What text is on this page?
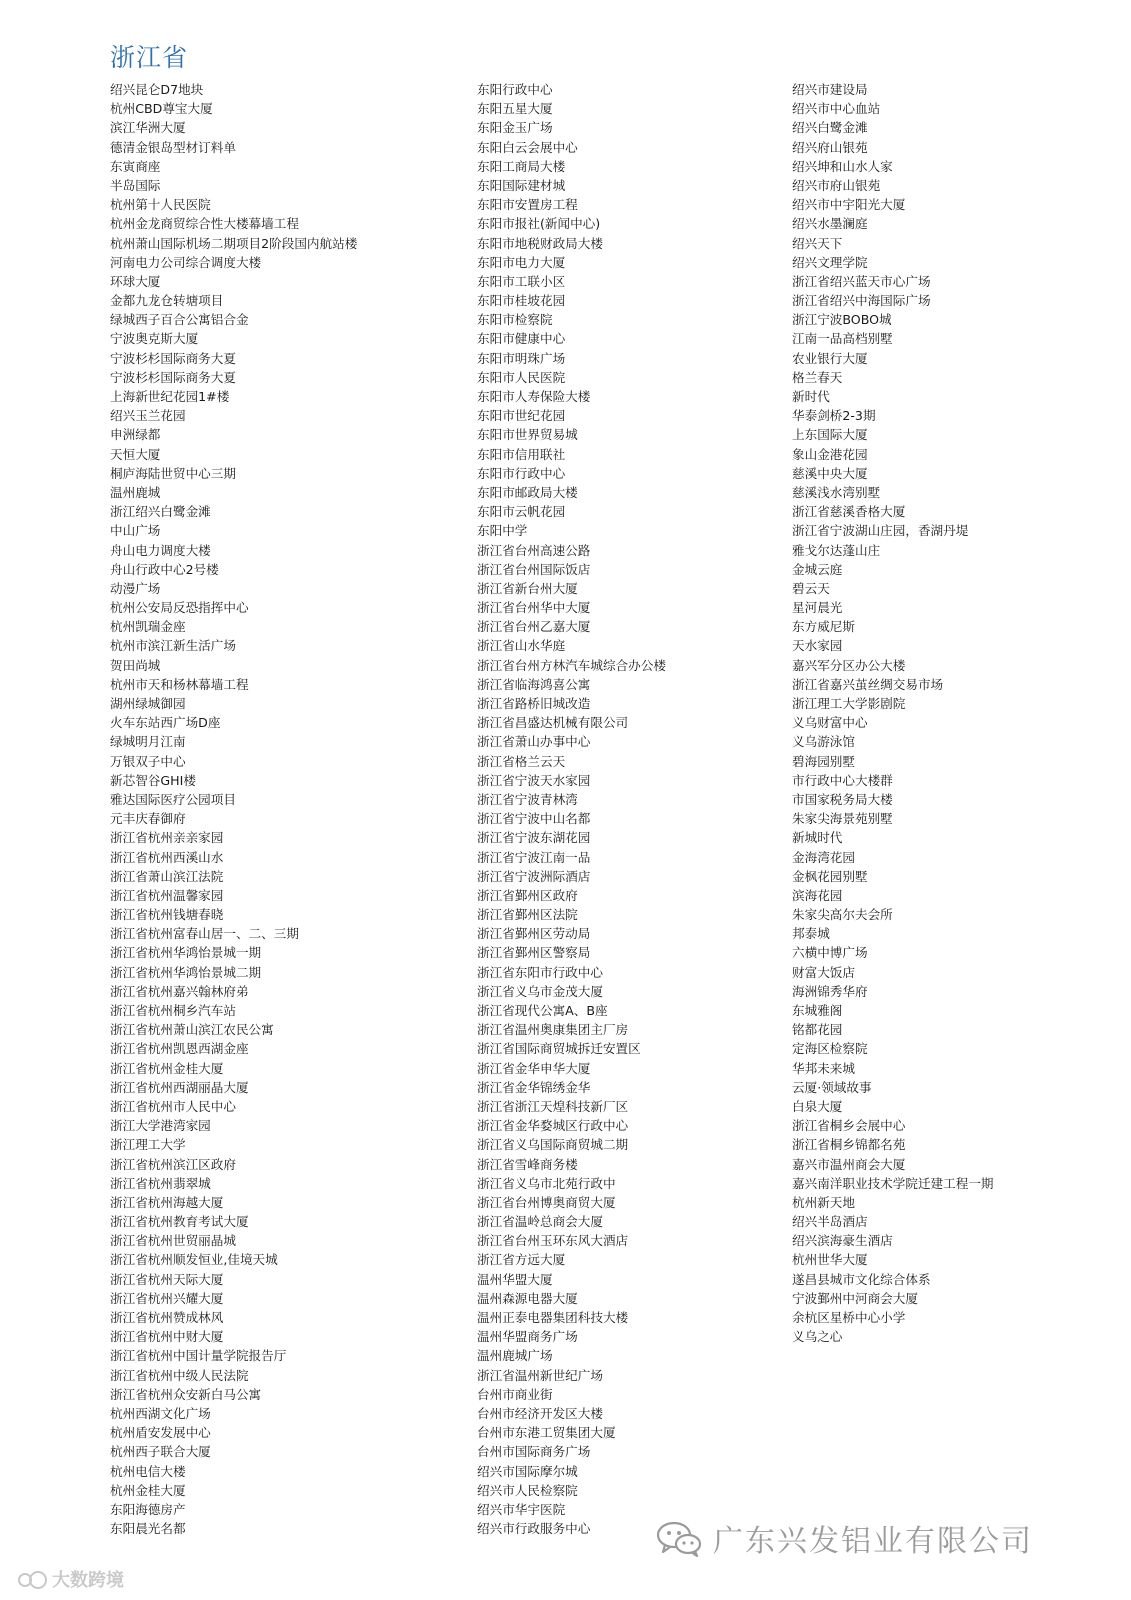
浙江省
绍兴昆仑D7地块
杭州CBD尊宝大厦
滨江华洲大厦
德清金银岛型材订料单
东寅商座
半岛国际
杭州第十人民医院
杭州金龙商贸综合性大楼幕墙工程
杭州萧山国际机场二期项目2阶段国内航站楼
河南电力公司综合调度大楼
环球大厦
金都九龙仓转塘项目
绿城西子百合公寓铝合金
宁波奥克斯大厦
宁波杉杉国际商务大夏
宁波杉杉国际商务大夏
上海新世纪花园1#楼
绍兴玉兰花园
申洲绿都
天恒大厦
桐庐海陆世贸中心三期
温州鹿城
浙江绍兴白鹭金滩
中山广场
舟山电力调度大楼
舟山行政中心2号楼
动漫广场
杭州公安局反恐指挥中心
杭州凯瑞金座
杭州市滨江新生活广场
贺田尚城
杭州市天和杨林幕墙工程
湖州绿城御园
火车东站西广场D座
绿城明月江南
万银双子中心
新芯智谷GHI楼
雅达国际医疗公园项目
元丰庆春御府
浙江省杭州亲亲家园
浙江省杭州西溪山水
浙江省萧山滨江法院
浙江省杭州温馨家园
浙江省杭州钱塘春晓
浙江省杭州富春山居一、二、三期
浙江省杭州华鸿怡景城一期
浙江省杭州华鸿怡景城二期
浙江省杭州嘉兴翰林府弟
浙江省杭州桐乡汽车站
浙江省杭州萧山滨江农民公寓
浙江省杭州凯恩西湖金座
浙江省杭州金桂大厦
浙江省杭州西湖丽晶大厦
浙江省杭州市人民中心
浙江大学港湾家园
浙江理工大学
浙江省杭州滨江区政府
浙江省杭州翡翠城
浙江省杭州海越大厦
浙江省杭州教育考试大厦
浙江省杭州世贸丽晶城
浙江省杭州顺发恒业,佳境天城
浙江省杭州天际大厦
浙江省杭州兴耀大厦
浙江省杭州赞成林风
浙江省杭州中财大厦
浙江省杭州中国计量学院报告厅
浙江省杭州中级人民法院
浙江省杭州众安新白马公寓
杭州西湖文化广场
杭州盾安发展中心
杭州西子联合大厦
杭州电信大楼
杭州金桂大厦
东阳海德房产
东阳晨光名都
东阳行政中心
东阳五星大厦
东阳金玉广场
东阳白云会展中心
东阳工商局大楼
东阳国际建材城
东阳市安置房工程
东阳市报社(新闻中心)
东阳市地税财政局大楼
东阳市电力大厦
东阳市工联小区
东阳市桂坡花园
东阳市检察院
东阳市健康中心
东阳市明珠广场
东阳市人民医院
东阳市人寿保险大楼
东阳市世纪花园
东阳市世界贸易城
东阳市信用联社
东阳市行政中心
东阳市邮政局大楼
东阳市云帆花园
东阳中学
浙江省台州高速公路
浙江省台州国际饭店
浙江省新台州大厦
浙江省台州华中大厦
浙江省台州乙嘉大厦
浙江省山水华庭
浙江省台州方林汽车城综合办公楼
浙江省临海鸿喜公寓
浙江省路桥旧城改造
浙江省昌盛达机械有限公司
浙江省萧山办事中心
浙江省格兰云天
浙江省宁波天水家园
浙江省宁波青林湾
浙江省宁波中山名都
浙江省宁波东湖花园
浙江省宁波江南一品
浙江省宁波洲际酒店
浙江省鄞州区政府
浙江省鄞州区法院
浙江省鄞州区劳动局
浙江省鄞州区警察局
浙江省东阳市行政中心
浙江省义乌市金茂大厦
浙江省现代公寓A、B座
浙江省温州奥康集团主厂房
浙江省国际商贸城拆迁安置区
浙江省金华申华大厦
浙江省金华锦绣金华
浙江省浙江天煌科技新厂区
浙江省金华婺城区行政中心
浙江省义乌国际商贸城二期
浙江省雪峰商务楼
浙江省义乌市北苑行政中
浙江省台州博奥商贸大厦
浙江省温岭总商会大厦
浙江省台州玉环东风大酒店
浙江省方远大厦
温州华盟大厦
温州森源电器大厦
温州正泰电器集团科技大楼
温州华盟商务广场
温州鹿城广场
浙江省温州新世纪广场
台州市商业街
台州市经济开发区大楼
台州市东港工贸集团大厦
台州市国际商务广场
绍兴市国际摩尔城
绍兴市人民检察院
绍兴市华宇医院
绍兴市行政服务中心
绍兴市建设局
绍兴市中心血站
绍兴白鹭金滩
绍兴府山银苑
绍兴坤和山水人家
绍兴市府山银苑
绍兴市中宇阳光大厦
绍兴水墨澜庭
绍兴天下
绍兴文理学院
浙江省绍兴蓝天市心广场
浙江省绍兴中海国际广场
浙江宁波BOBO城
江南一品高档别墅
农业银行大厦
格兰春天
新时代
华泰剑桥2-3期
上东国际大厦
象山金港花园
慈溪中央大厦
慈溪浅水湾别墅
浙江省慈溪香格大厦
浙江省宁波湖山庄园，香湖丹堤
雅戈尔达蓬山庄
金城云庭
碧云天
星河晨光
东方威尼斯
天水家园
嘉兴军分区办公大楼
浙江省嘉兴茧丝绸交易市场
浙江理工大学影剧院
义乌财富中心
义乌游泳馆
碧海园别墅
市行政中心大楼群
市国家税务局大楼
朱家尖海景苑别墅
新城时代
金海湾花园
金枫花园别墅
滨海花园
朱家尖高尔夫会所
邦泰城
六横中博广场
财富大饭店
海洲锦秀华府
东城雅阁
铭都花园
定海区检察院
华邦未来城
云厦·领域故事
白泉大厦
浙江省桐乡会展中心
浙江省桐乡锦都名苑
嘉兴市温州商会大厦
嘉兴南洋职业技术学院迁建工程一期
杭州新天地
绍兴半岛酒店
绍兴滨海豪生酒店
杭州世华大厦
遂昌县城市文化综合体系
宁波鄞州中河商会大厦
余杭区星桥中心小学
义乌之心
大数跨境
广东兴发铝业有限公司
